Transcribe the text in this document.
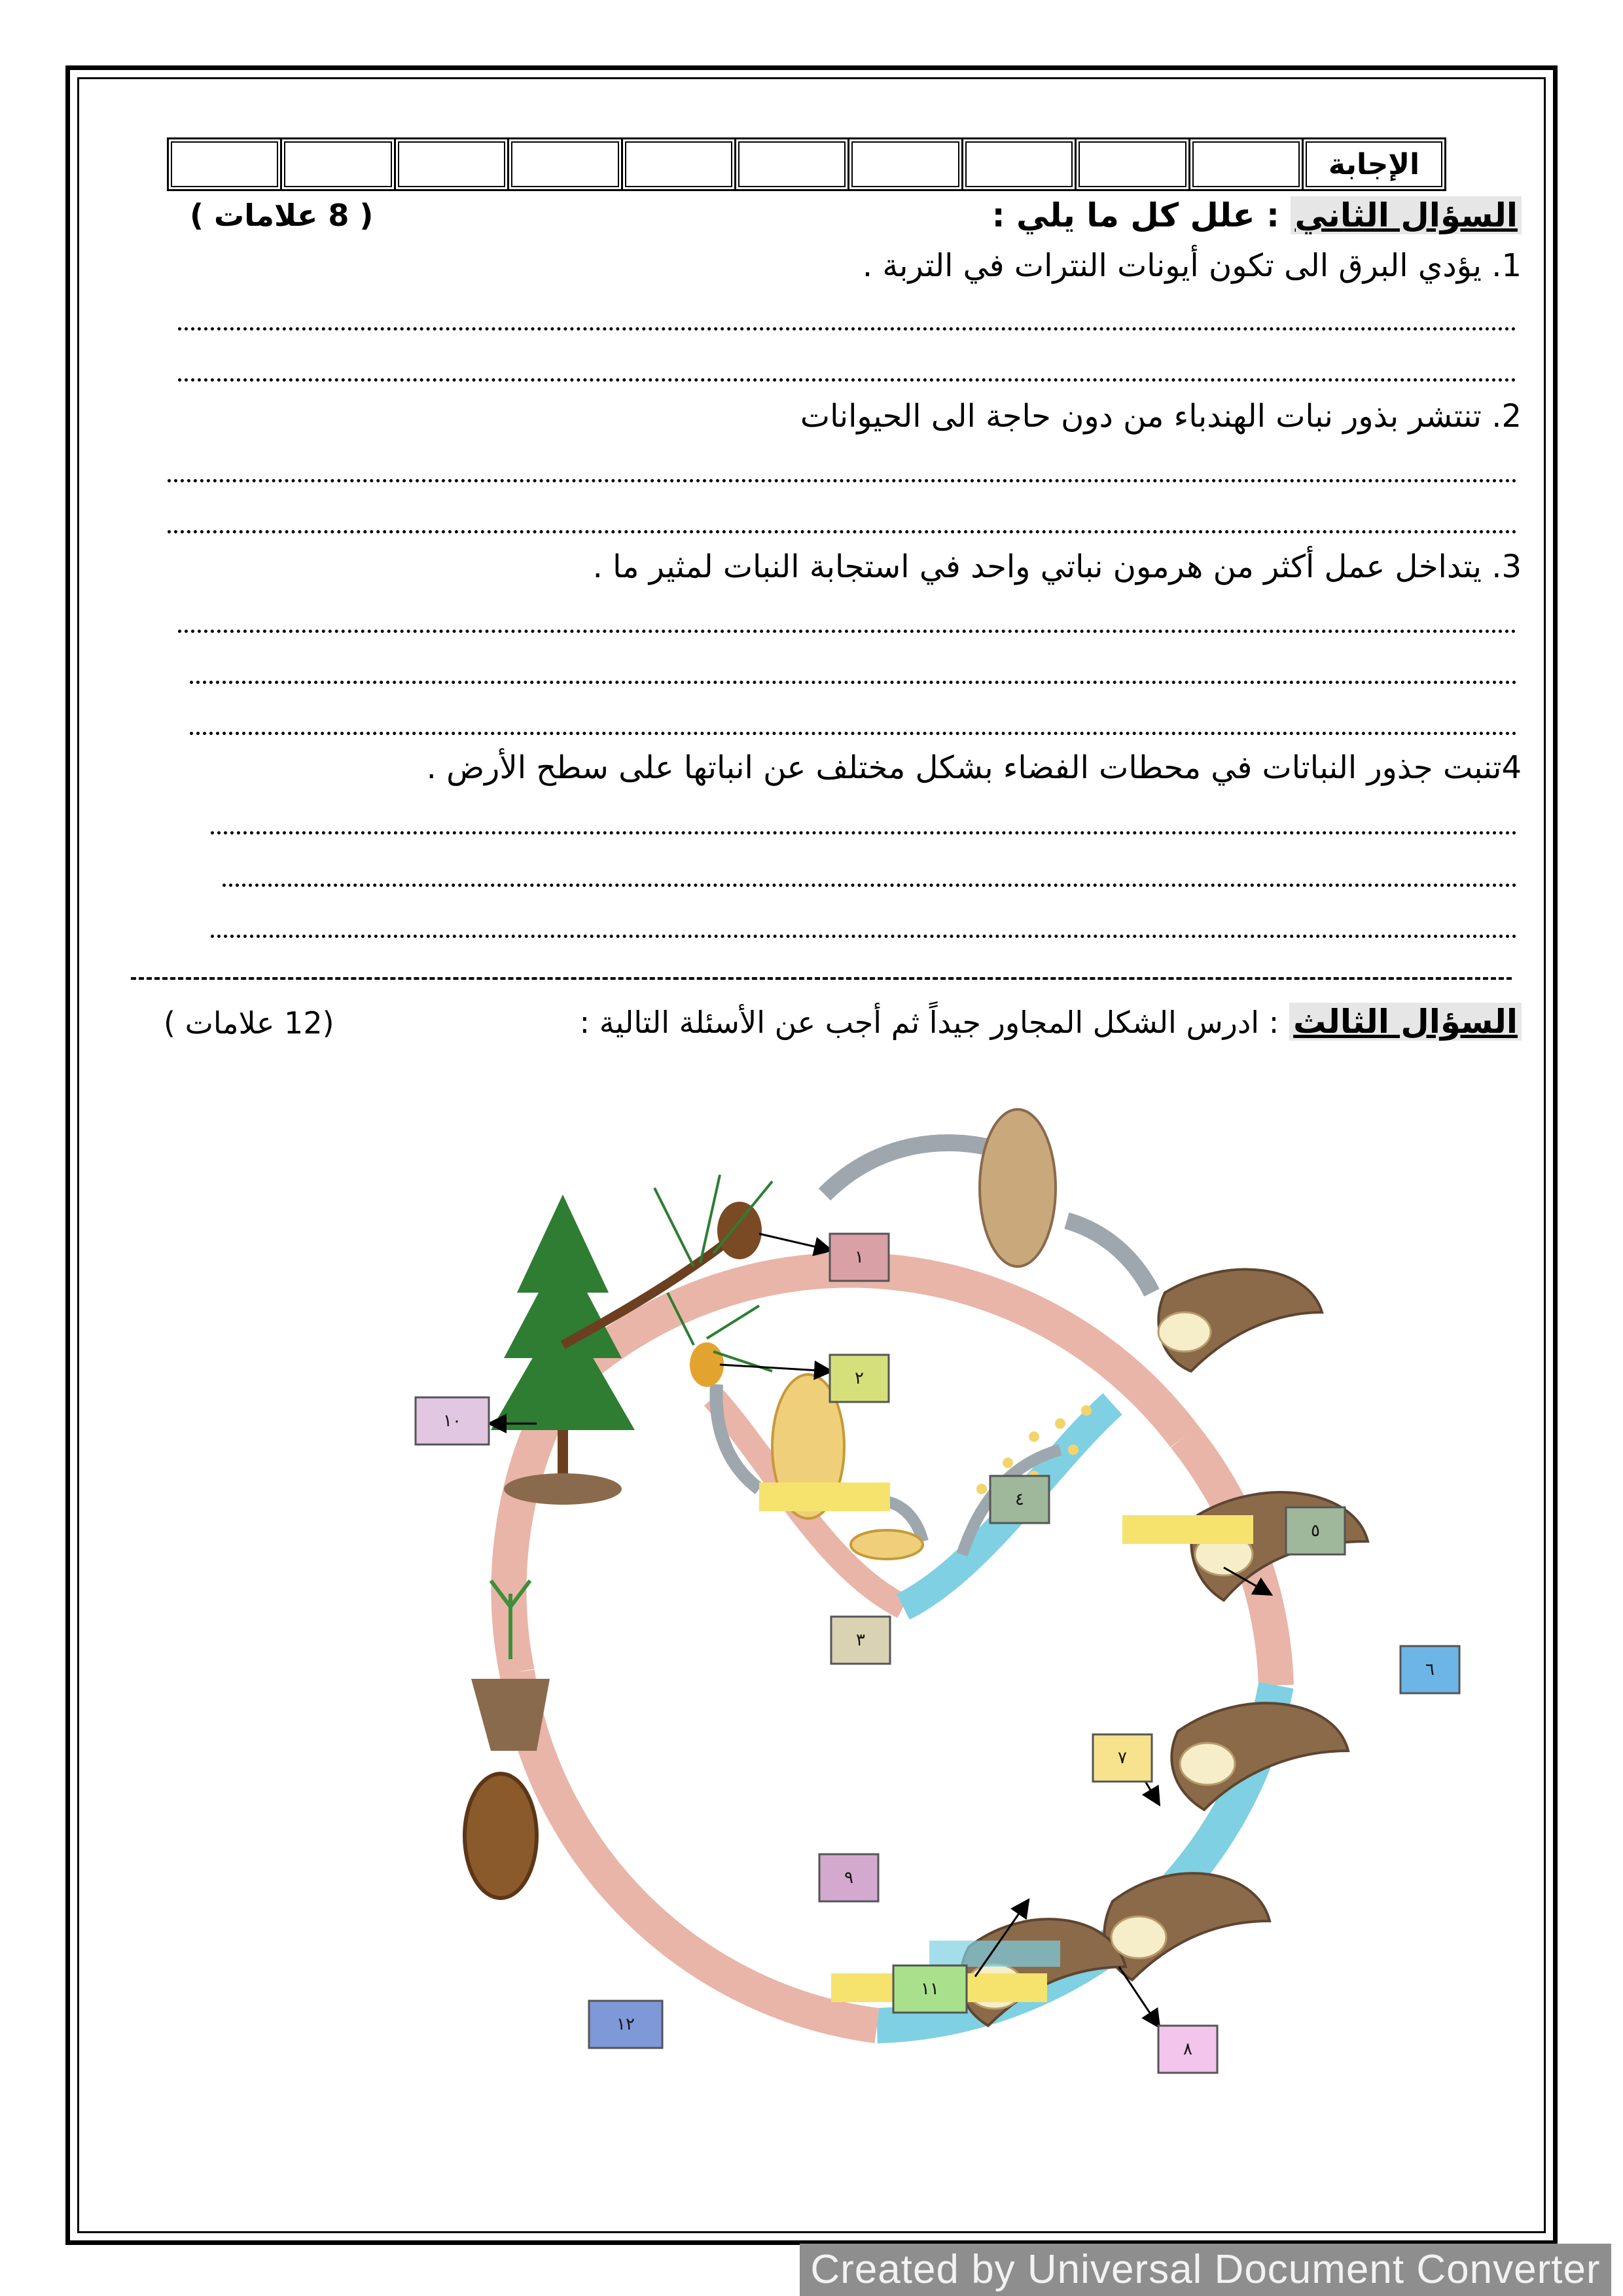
										الإجابة
السؤال الثاني : علل كل ما يلي :
( 8 علامات )
1. يؤدي البرق الى تكون أيونات النترات في التربة .
2. تنتشر بذور نبات الهندباء من دون حاجة الى الحيوانات
3. يتداخل عمل أكثر من هرمون نباتي واحد في استجابة النبات لمثير ما .
4تنبت جذور النباتات في محطات الفضاء بشكل مختلف عن انباتها على سطح الأرض .
السؤال الثالث : ادرس الشكل المجاور جيداً ثم أجب عن الأسئلة التالية :
(12 علامات )
١
٢
٣
٤
٥
٦
٧
٨
٩
١٠
١١
١٢
Created by Universal Document Converter
